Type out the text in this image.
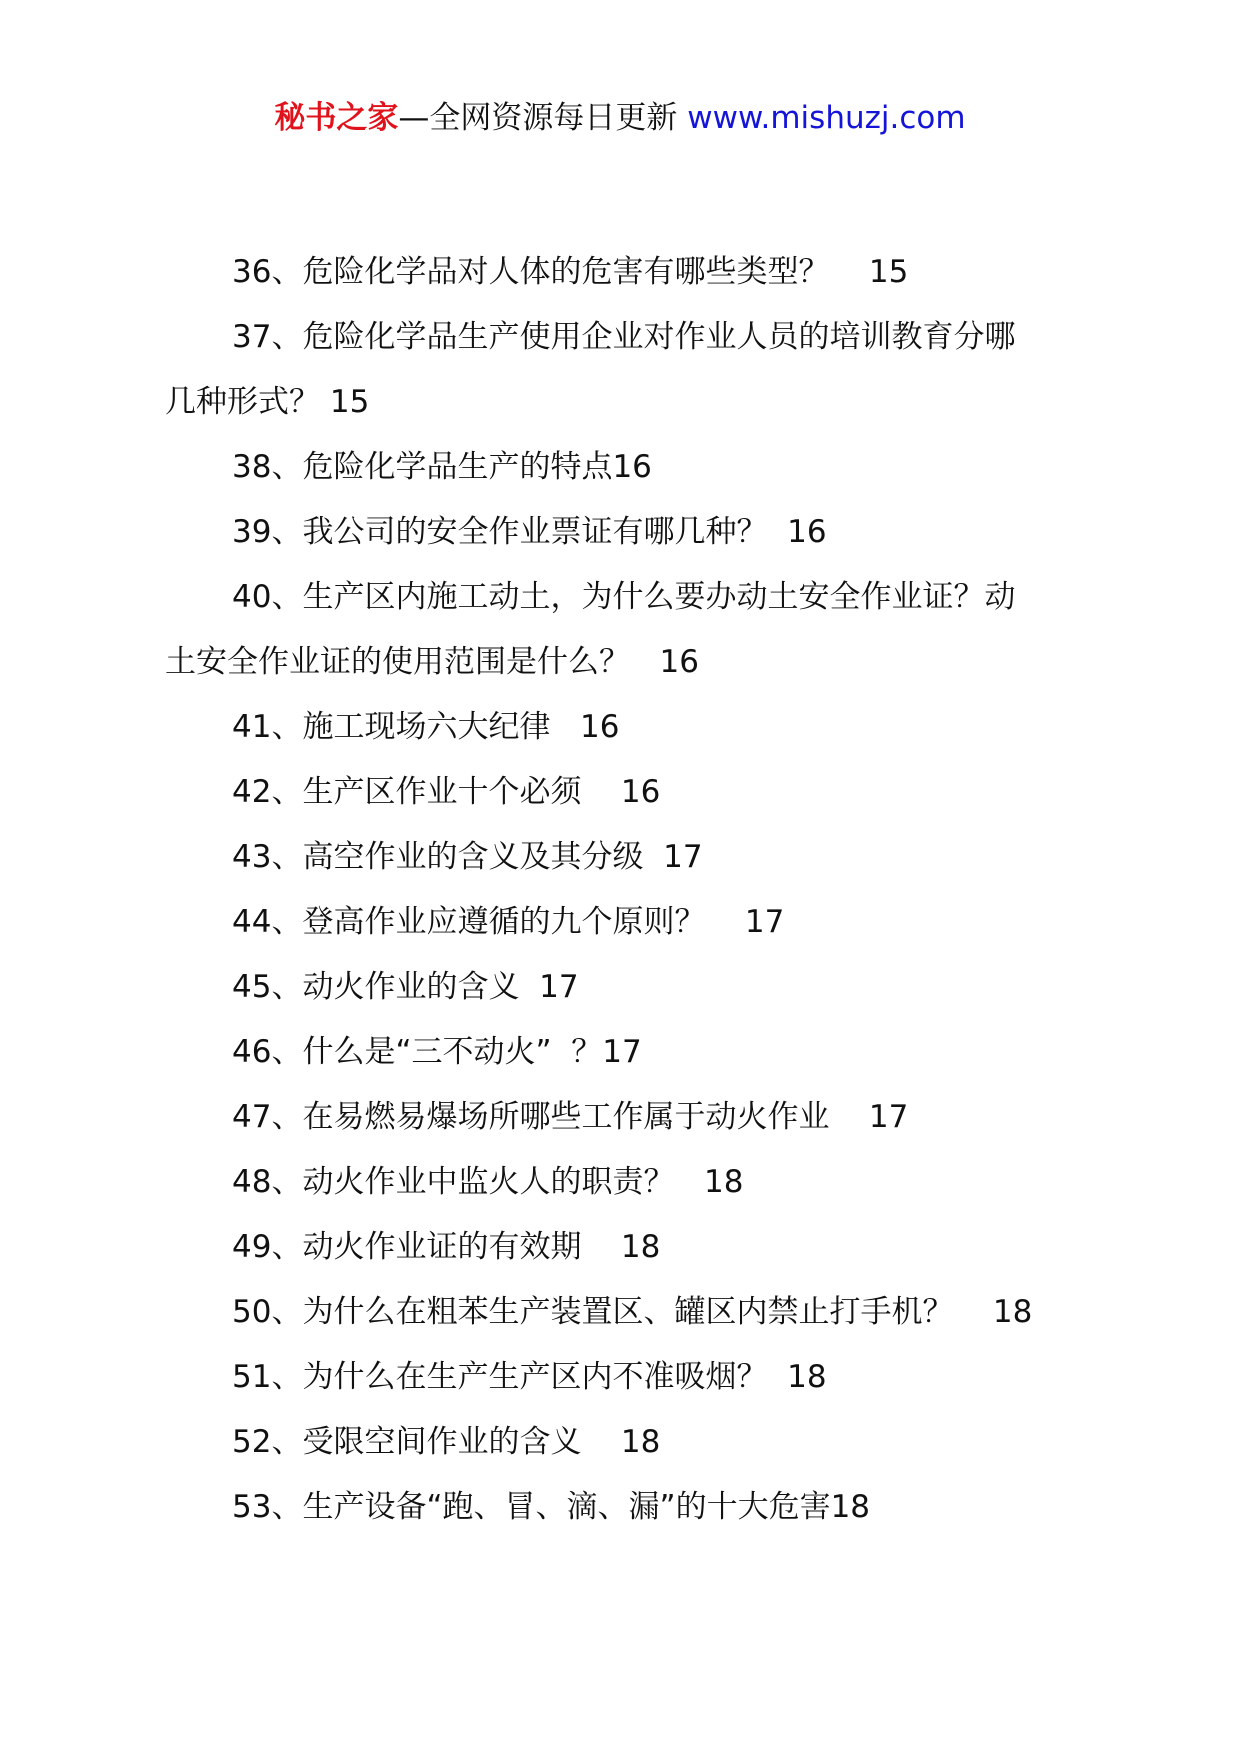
秘书之家—全网资源每日更新 www.mishuzj.com

36、危险化学品对人体的危害有哪些类型？    15

37、危险化学品生产使用企业对作业人员的培训教育分哪

几种形式？ 15

38、危险化学品生产的特点16

39、我公司的安全作业票证有哪几种？  16

40、生产区内施工动土，为什么要办动土安全作业证？动

土安全作业证的使用范围是什么？   16

41、施工现场六大纪律   16

42、生产区作业十个必须    16

43、高空作业的含义及其分级  17

44、登高作业应遵循的九个原则？    17

45、动火作业的含义  17

46、什么是“三不动火”  ？17

47、在易燃易爆场所哪些工作属于动火作业    17

48、动火作业中监火人的职责？   18

49、动火作业证的有效期    18

50、为什么在粗苯生产装置区、罐区内禁止打手机？    18

51、为什么在生产生产区内不准吸烟？  18

52、受限空间作业的含义    18

53、生产设备“跑、冒、滴、漏”的十大危害18
